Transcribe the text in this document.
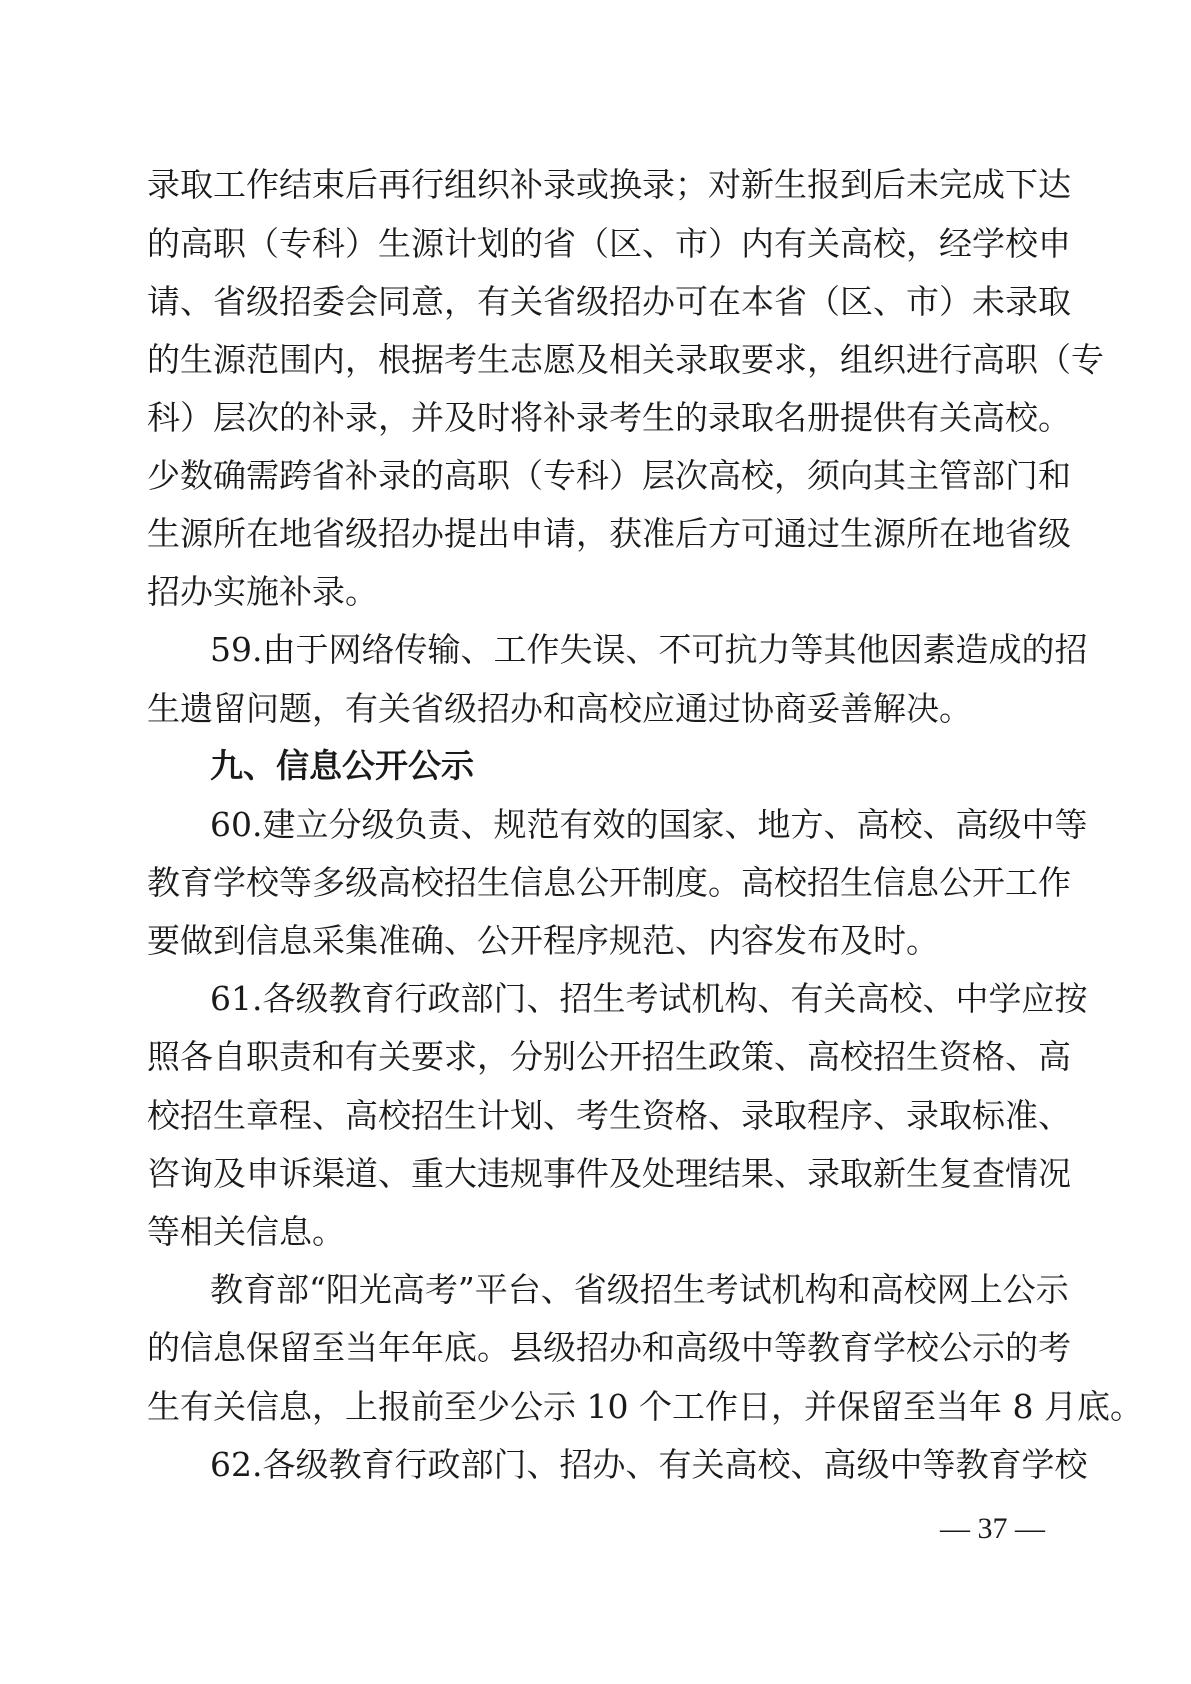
录取工作结束后再行组织补录或换录；对新生报到后未完成下达
的高职（专科）生源计划的省（区、市）内有关高校，经学校申
请、省级招委会同意，有关省级招办可在本省（区、市）未录取
的生源范围内，根据考生志愿及相关录取要求，组织进行高职（专
科）层次的补录，并及时将补录考生的录取名册提供有关高校。
少数确需跨省补录的高职（专科）层次高校，须向其主管部门和
生源所在地省级招办提出申请，获准后方可通过生源所在地省级
招办实施补录。
59.由于网络传输、工作失误、不可抗力等其他因素造成的招
生遗留问题，有关省级招办和高校应通过协商妥善解决。
九、信息公开公示
60.建立分级负责、规范有效的国家、地方、高校、高级中等
教育学校等多级高校招生信息公开制度。高校招生信息公开工作
要做到信息采集准确、公开程序规范、内容发布及时。
61.各级教育行政部门、招生考试机构、有关高校、中学应按
照各自职责和有关要求，分别公开招生政策、高校招生资格、高
校招生章程、高校招生计划、考生资格、录取程序、录取标准、
咨询及申诉渠道、重大违规事件及处理结果、录取新生复查情况
等相关信息。
教育部“阳光高考”平台、省级招生考试机构和高校网上公示
的信息保留至当年年底。县级招办和高级中等教育学校公示的考
生有关信息，上报前至少公示 10 个工作日，并保留至当年 8 月底。
62.各级教育行政部门、招办、有关高校、高级中等教育学校
— 37 —
